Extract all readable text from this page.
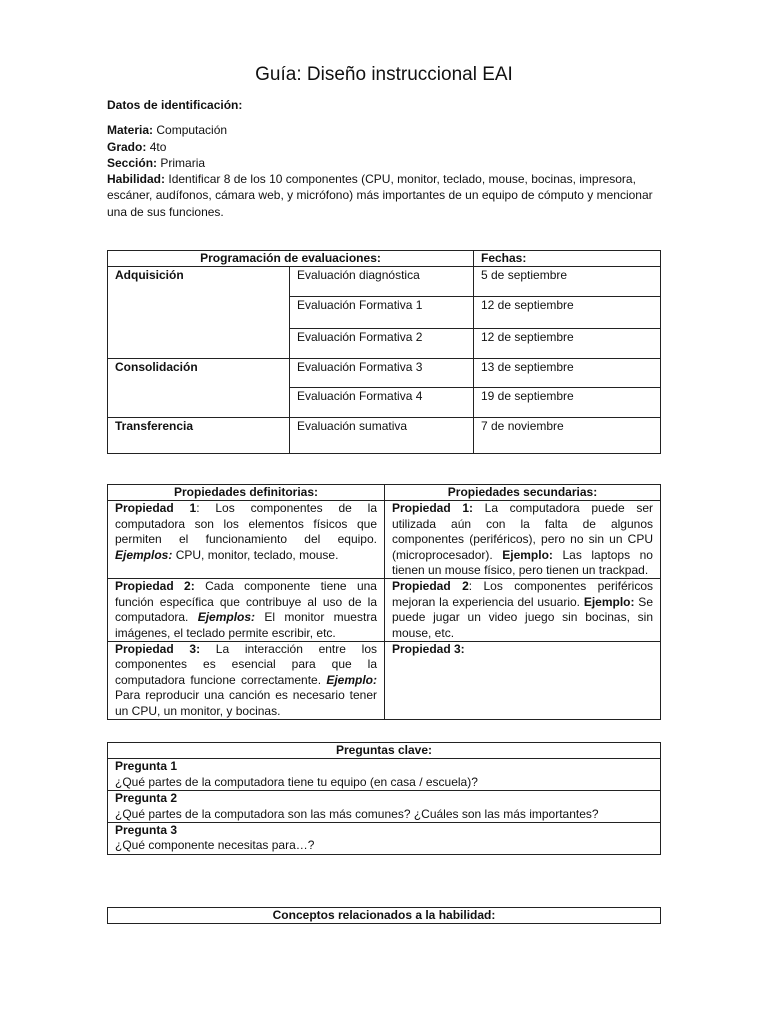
Guía: Diseño instruccional EAI
Datos de identificación:
Materia: Computación
Grado: 4to
Sección: Primaria
Habilidad: Identificar 8 de los 10 componentes (CPU, monitor, teclado, mouse, bocinas, impresora, escáner, audífonos, cámara web, y micrófono) más importantes de un equipo de cómputo y mencionar una de sus funciones.
Programación de evaluaciones:		Fechas:
Adquisición	Evaluación diagnóstica	5 de septiembre
	Evaluación Formativa 1	12 de septiembre
	Evaluación Formativa 2	12 de septiembre
Consolidación	Evaluación Formativa 3	13 de septiembre
	Evaluación Formativa 4	19 de septiembre
Transferencia	Evaluación sumativa	7 de noviembre
Propiedades definitorias:	Propiedades secundarias:
Propiedad 1: Los componentes de la computadora son los elementos físicos que permiten el funcionamiento del equipo. Ejemplos: CPU, monitor, teclado, mouse.	Propiedad 1: La computadora puede ser utilizada aún con la falta de algunos componentes (periféricos), pero no sin un CPU (microprocesador). Ejemplo: Las laptops no tienen un mouse físico, pero tienen un trackpad.
Propiedad 2: Cada componente tiene una función específica que contribuye al uso de la computadora. Ejemplos: El monitor muestra imágenes, el teclado permite escribir, etc.	Propiedad 2: Los componentes periféricos mejoran la experiencia del usuario. Ejemplo: Se puede jugar un video juego sin bocinas, sin mouse, etc.
Propiedad 3: La interacción entre los componentes es esencial para que la computadora funcione correctamente. Ejemplo: Para reproducir una canción es necesario tener un CPU, un monitor, y bocinas.	Propiedad 3:
Preguntas clave:

Pregunta 1
¿Qué partes de la computadora tiene tu equipo (en casa / escuela)?

Pregunta 2
¿Qué partes de la computadora son las más comunes? ¿Cuáles son las más importantes?

Pregunta 3
¿Qué componente necesitas para…?
Conceptos relacionados a la habilidad:
